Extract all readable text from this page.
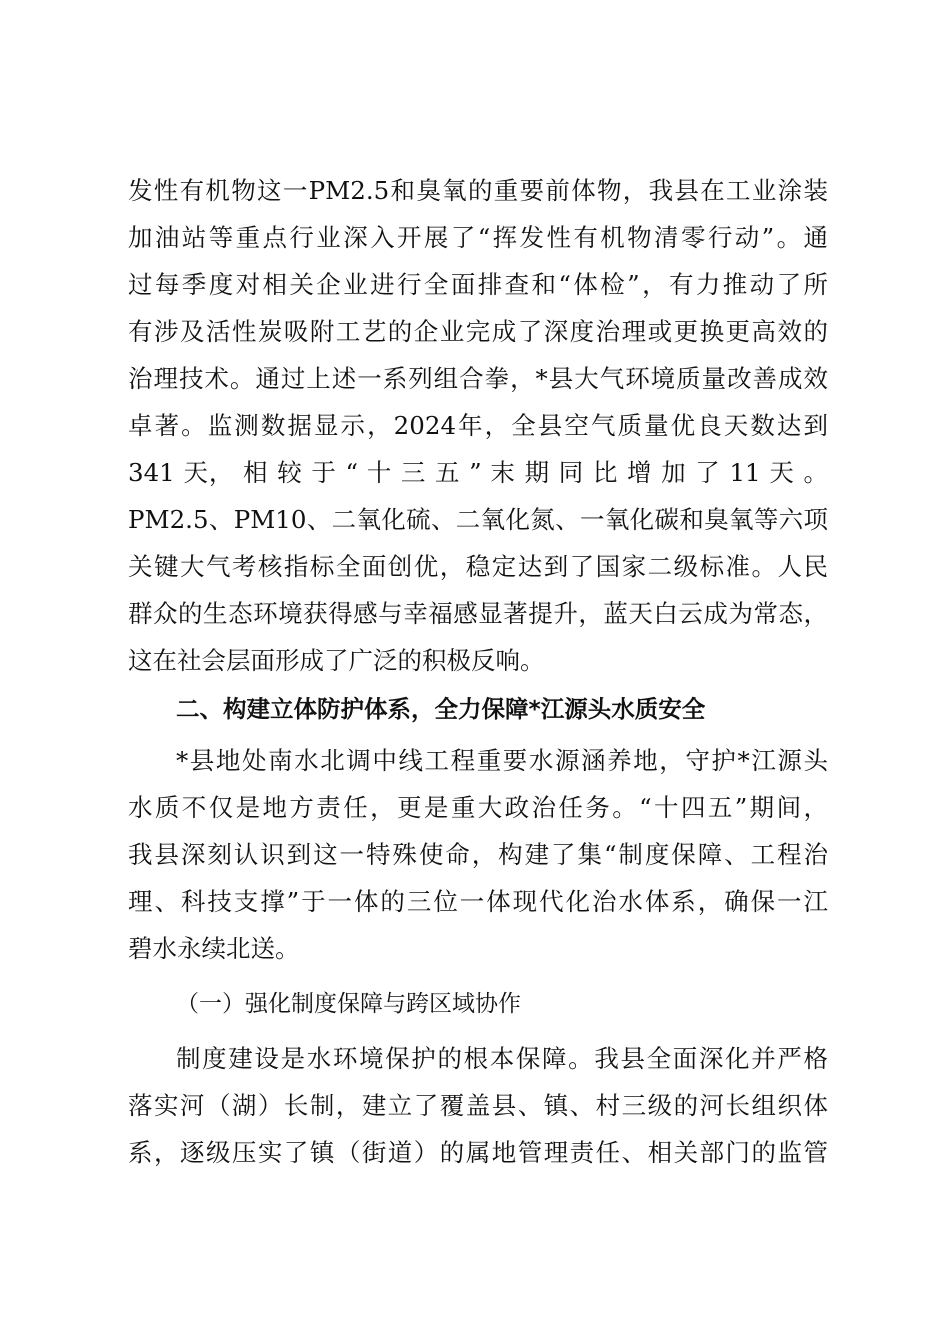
发性有机物这一PM2.5和臭氧的重要前体物，我县在工业涂装
加油站等重点行业深入开展了“挥发性有机物清零行动”。通
过每季度对相关企业进行全面排查和“体检”，有力推动了所
有涉及活性炭吸附工艺的企业完成了深度治理或更换更高效的
治理技术。通过上述一系列组合拳，*县大气环境质量改善成效
卓著。监测数据显示，2024年，全县空气质量优良天数达到
341 天， 相 较 于 “ 十 三 五 ” 末 期 同 比 增 加 了 11 天 。
PM2.5、PM10、二氧化硫、二氧化氮、一氧化碳和臭氧等六项
关键大气考核指标全面创优，稳定达到了国家二级标准。人民
群众的生态环境获得感与幸福感显著提升，蓝天白云成为常态，
这在社会层面形成了广泛的积极反响。
二、构建立体防护体系，全力保障*江源头水质安全
*县地处南水北调中线工程重要水源涵养地，守护*江源头
水质不仅是地方责任，更是重大政治任务。“十四五”期间，
我县深刻认识到这一特殊使命，构建了集“制度保障、工程治
理、科技支撑”于一体的三位一体现代化治水体系，确保一江
碧水永续北送。
（一）强化制度保障与跨区域协作
制度建设是水环境保护的根本保障。我县全面深化并严格
落实河（湖）长制，建立了覆盖县、镇、村三级的河长组织体
系，逐级压实了镇（街道）的属地管理责任、相关部门的监管
